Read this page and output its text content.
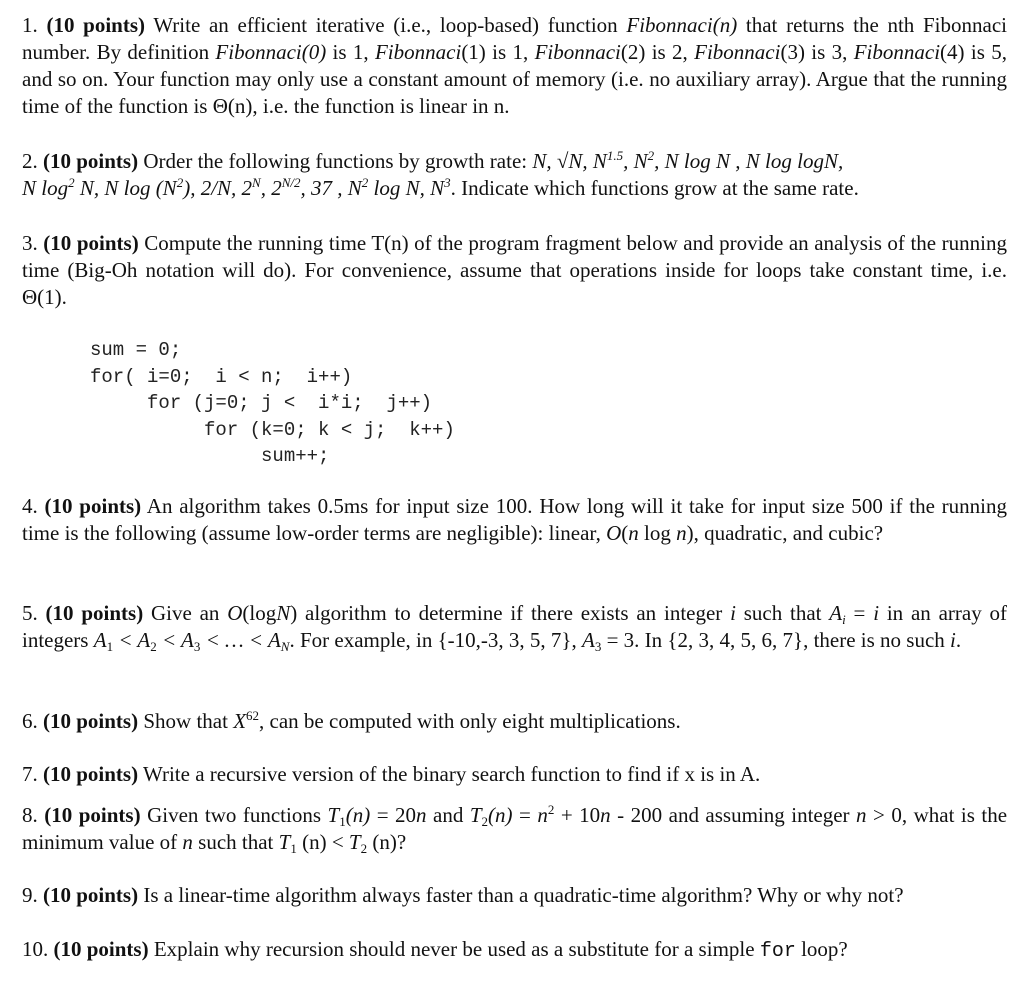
1. (10 points) Write an efficient iterative (i.e., loop-based) function Fibonnaci(n) that returns the nth Fibonnaci number. By definition Fibonnaci(0) is 1, Fibonnaci(1) is 1, Fibonnaci(2) is 2, Fibonnaci(3) is 3, Fibonnaci(4) is 5, and so on. Your function may only use a constant amount of memory (i.e. no auxiliary array). Argue that the running time of the function is Θ(n), i.e. the function is linear in n.

2. (10 points) Order the following functions by growth rate: N, √N, $N^{1.5}$, $N^2$, N log N , N log logN,
N $\log^2 N$, N $\log (N^2)$, 2/N, $2^N$, $2^{N/2}$, 37 , $N^2$ log N, $N^3$. Indicate which functions grow at the same rate.

3. (10 points) Compute the running time T(n) of the program fragment below and provide an analysis of the running time (Big-Oh notation will do). For convenience, assume that operations inside for loops take constant time, i.e. Θ(1).

sum = 0;
for( i=0;  i < n;  i++)
for (j=0; j <  i*i;  j++)
for (k=0; k < j;  k++)
sum++;

4. (10 points) An algorithm takes 0.5ms for input size 100. How long will it take for input size 500 if the running time is the following (assume low-order terms are negligible): linear, O(n log n), quadratic, and cubic?

5. (10 points) Give an O(logN) algorithm to determine if there exists an integer i such that $A_i = i$ in an array of integers $A_1 < A_2 < A_3$ < … < $A_N$. For example, in {-10,-3, 3, 5, 7}, $A_3 = 3$. In {2, 3, 4, 5, 6, 7}, there is no such i.

6. (10 points) Show that $X^{62}$, can be computed with only eight multiplications.

7. (10 points) Write a recursive version of the binary search function to find if x is in A.

8. (10 points) Given two functions $T_1(n) = 20n$ and $T_2(n) = n^2 + 10n - 200$ and assuming integer n > 0, what is the minimum value of n such that $T_1$ $(n) < T_2$ (n)?

9. (10 points) Is a linear-time algorithm always faster than a quadratic-time algorithm? Why or why not?

10. (10 points) Explain why recursion should never be used as a substitute for a simple for loop?
